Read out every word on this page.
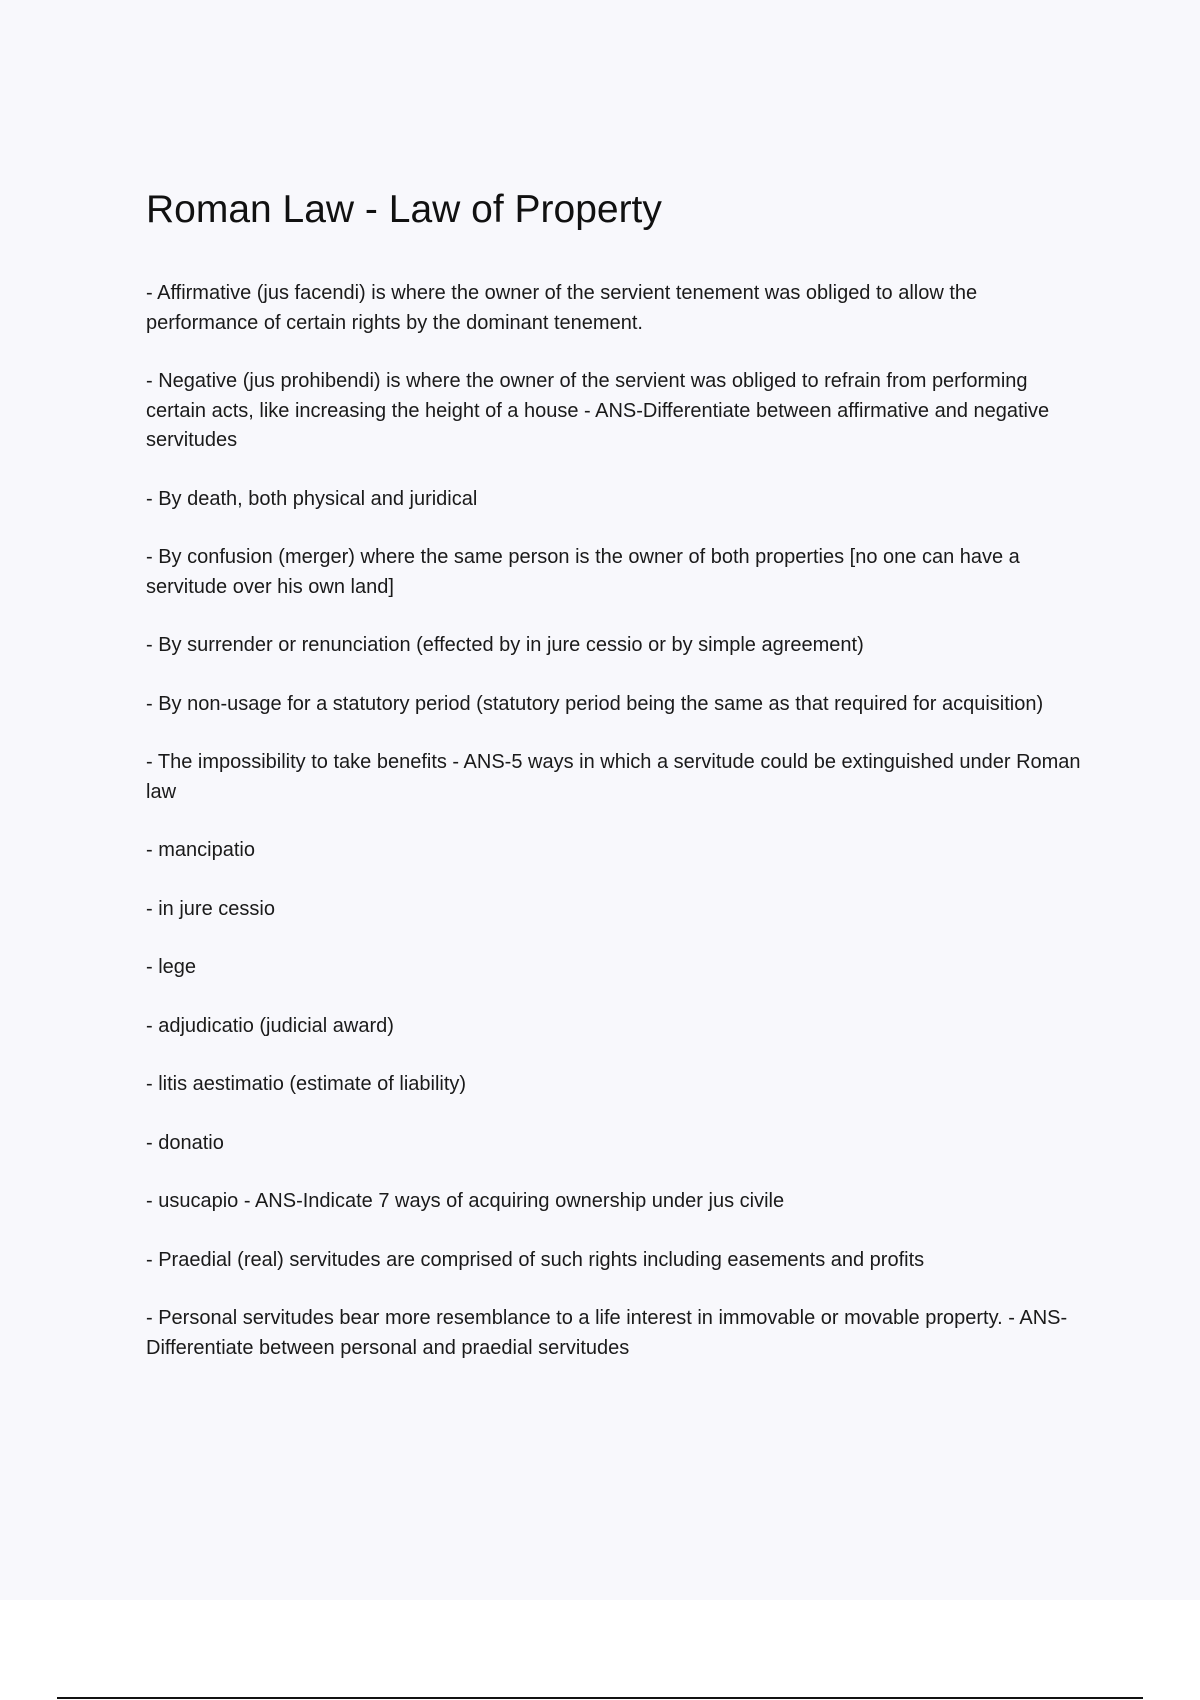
Roman Law - Law of Property

- Affirmative (jus facendi) is where the owner of the servient tenement was obliged to allow the performance of certain rights by the dominant tenement.

- Negative (jus prohibendi) is where the owner of the servient was obliged to refrain from performing certain acts, like increasing the height of a house - ANS-Differentiate between affirmative and negative servitudes

- By death, both physical and juridical

- By confusion (merger) where the same person is the owner of both properties [no one can have a servitude over his own land]

- By surrender or renunciation (effected by in jure cessio or by simple agreement)

- By non-usage for a statutory period (statutory period being the same as that required for acquisition)

- The impossibility to take benefits - ANS-5 ways in which a servitude could be extinguished under Roman law

- mancipatio

- in jure cessio

- lege

- adjudicatio (judicial award)

- litis aestimatio (estimate of liability)

- donatio

- usucapio - ANS-Indicate 7 ways of acquiring ownership under jus civile

- Praedial (real) servitudes are comprised of such rights including easements and profits

- Personal servitudes bear more resemblance to a life interest in immovable or movable property. - ANS-Differentiate between personal and praedial servitudes
